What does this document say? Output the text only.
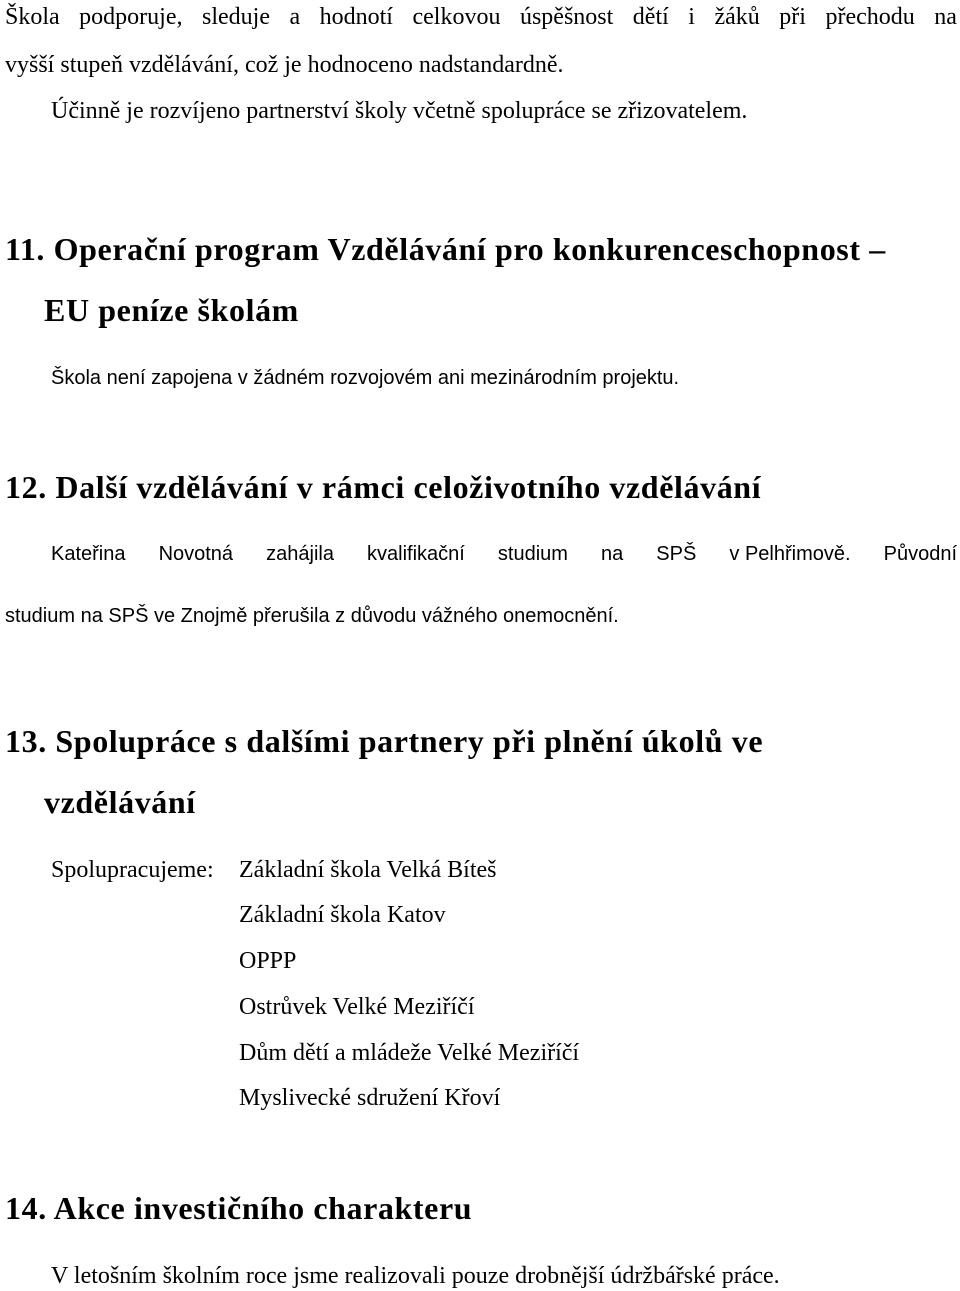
Škola podporuje, sleduje a hodnotí celkovou úspěšnost dětí i žáků při přechodu na
vyšší stupeň vzdělávání, což je hodnoceno nadstandardně.
Účinně je rozvíjeno partnerství školy včetně spolupráce se zřizovatelem.
11. Operační program Vzdělávání pro konkurenceschopnost –
EU peníze školám
Škola není zapojena v žádném rozvojovém ani mezinárodním projektu.
12. Další vzdělávání v rámci celoživotního vzdělávání
Kateřina Novotná zahájila kvalifikační studium na SPŠ v Pelhřimově. Původní
studium na SPŠ ve Znojmě přerušila z důvodu vážného onemocnění.
13. Spolupráce s dalšími partnery při plnění úkolů ve
vzdělávání
Spolupracujeme: Základní škola Velká Bíteš
Základní škola Katov
OPPP
Ostrůvek Velké Meziříčí
Dům dětí a mládeže Velké Meziříčí
Myslivecké sdružení Křoví
14. Akce investičního charakteru
V letošním školním roce jsme realizovali pouze drobnější údržbářské práce.
